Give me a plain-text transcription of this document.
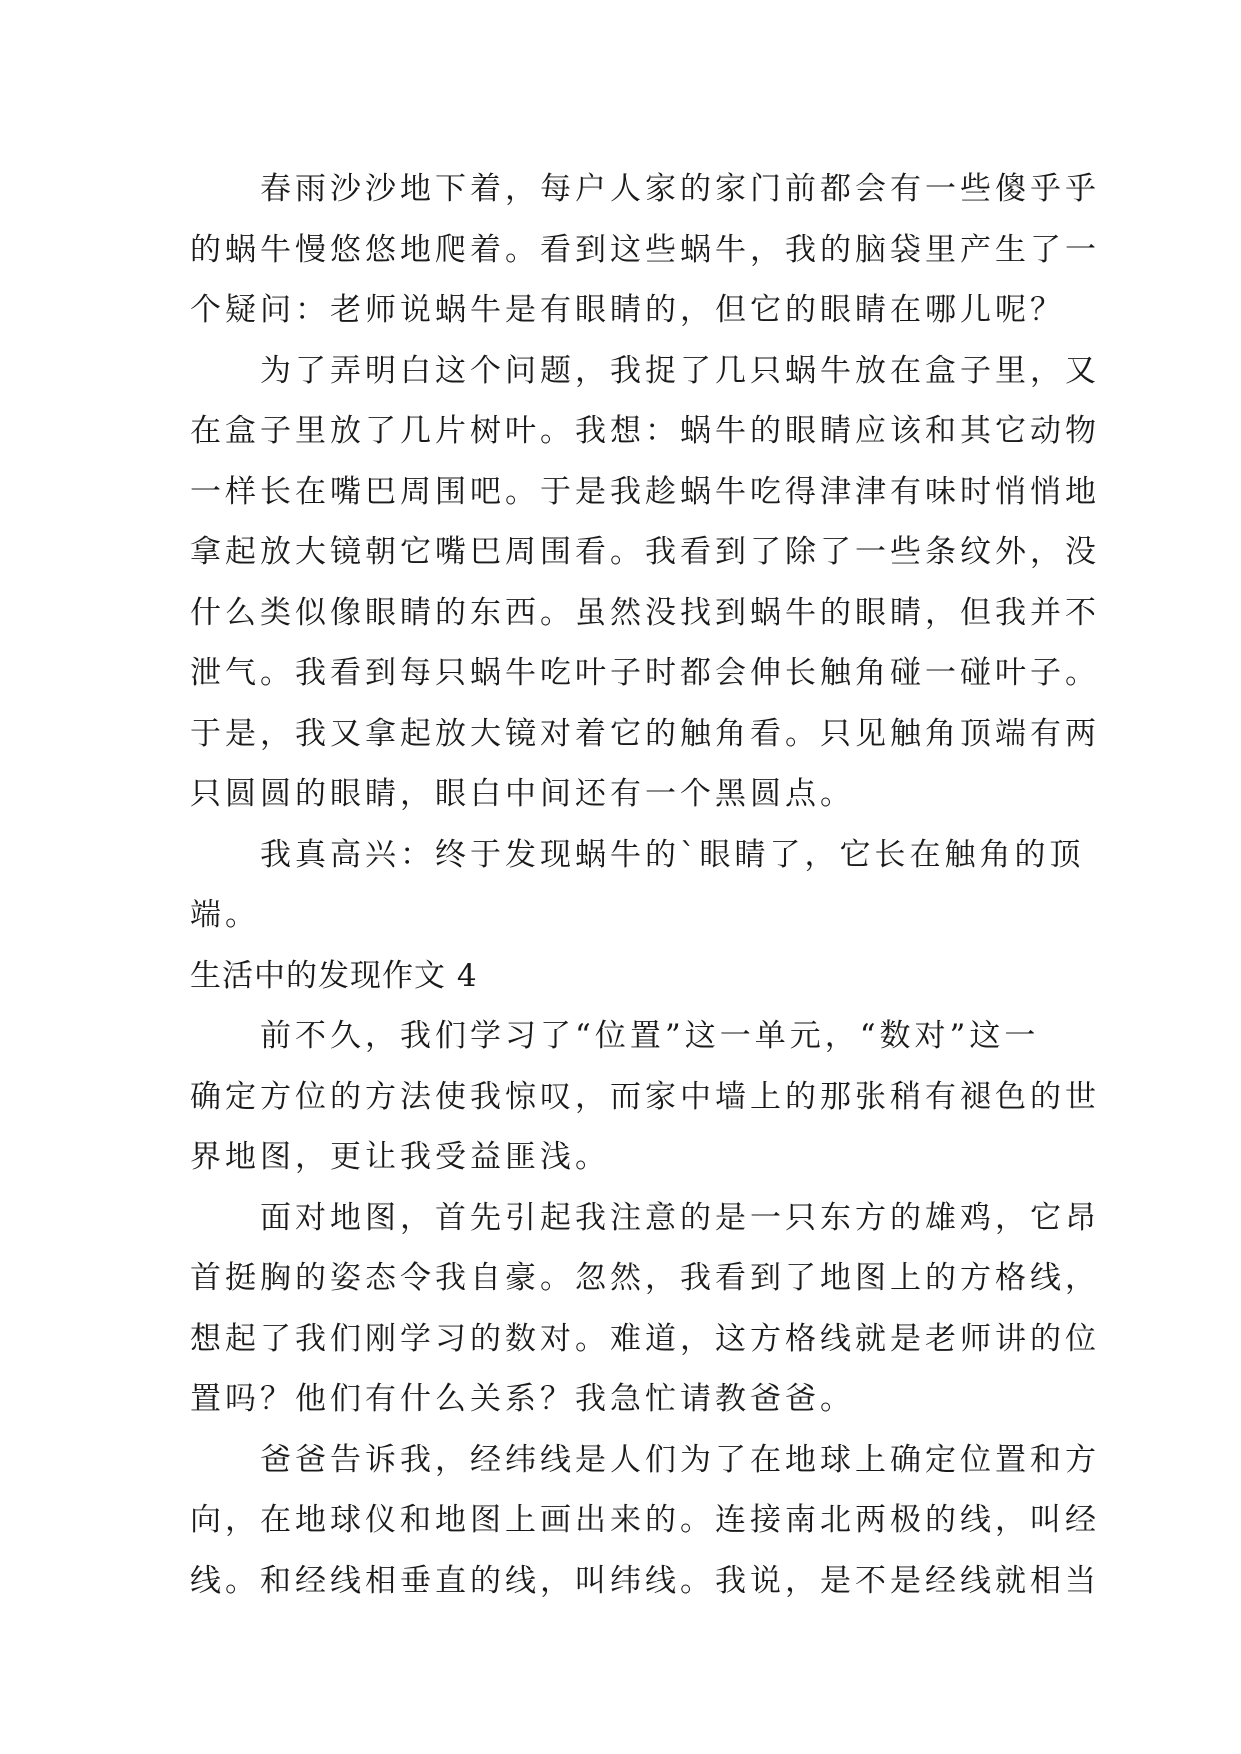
春雨沙沙地下着，每户人家的家门前都会有一些傻乎乎
的蜗牛慢悠悠地爬着。看到这些蜗牛，我的脑袋里产生了一
个疑问：老师说蜗牛是有眼睛的，但它的眼睛在哪儿呢？
为了弄明白这个问题，我捉了几只蜗牛放在盒子里，又
在盒子里放了几片树叶。我想：蜗牛的眼睛应该和其它动物
一样长在嘴巴周围吧。于是我趁蜗牛吃得津津有味时悄悄地
拿起放大镜朝它嘴巴周围看。我看到了除了一些条纹外，没
什么类似像眼睛的东西。虽然没找到蜗牛的眼睛，但我并不
泄气。我看到每只蜗牛吃叶子时都会伸长触角碰一碰叶子。
于是，我又拿起放大镜对着它的触角看。只见触角顶端有两
只圆圆的眼睛，眼白中间还有一个黑圆点。
我真高兴：终于发现蜗牛的`眼睛了，它长在触角的顶
端。
生活中的发现作文 4
前不久，我们学习了“位置”这一单元，“数对”这一
确定方位的方法使我惊叹，而家中墙上的那张稍有褪色的世
界地图，更让我受益匪浅。
面对地图，首先引起我注意的是一只东方的雄鸡，它昂
首挺胸的姿态令我自豪。忽然，我看到了地图上的方格线，
想起了我们刚学习的数对。难道，这方格线就是老师讲的位
置吗？他们有什么关系？我急忙请教爸爸。
爸爸告诉我，经纬线是人们为了在地球上确定位置和方
向，在地球仪和地图上画出来的。连接南北两极的线，叫经
线。和经线相垂直的线，叫纬线。我说，是不是经线就相当
